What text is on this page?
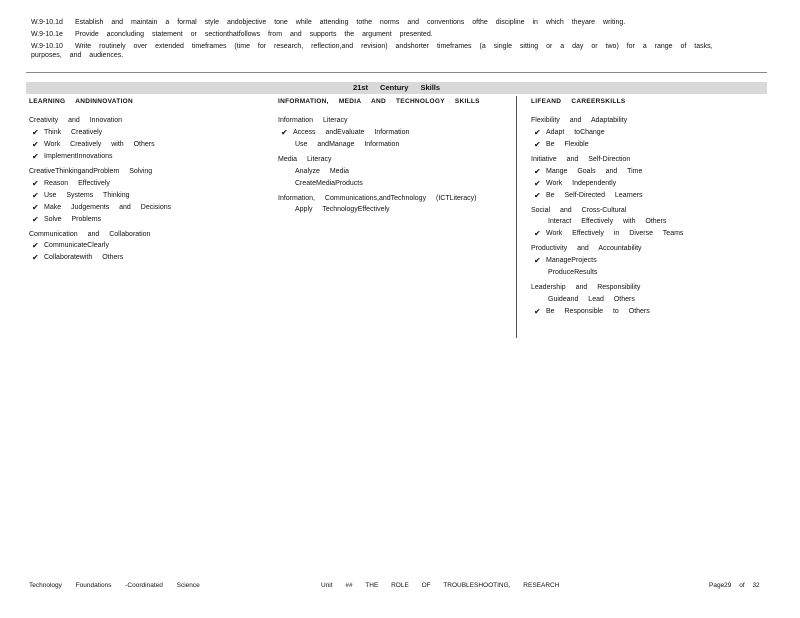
W.9-10.1d	Establish and maintain a formal style andobjective tone while attending tothe norms and conventions ofthe discipline in which theyare writing.
W.9-10.1e	Provide aconcluding statement or sectionthatfollows from and supports the argument presented.
W.9-10.10	Write routinely over extended timeframes (time for research, reflection,and revision) andshorter timeframes (a single sitting or a day or two) for a range of tasks,
purposes, and audiences.
21st Century Skills
LEARNING ANDINNOVATION
Creativity and Innovation
✔ Think Creatively
✔ Work Creatively with Others
✔ ImplementInnovations
CreativeThinkingandProblem Solving
✔ Reason Effectively
✔ Use Systems Thinking
✔ Make Judgements and Decisions
✔ Solve Problems
Communication and Collaboration
✔ CommunicateClearly
✔ Collaboratewith Others
INFORMATION, MEDIA AND TECHNOLOGY SKILLS
Information Literacy
✔ Access andEvaluate Information
Use andManage Information
Media Literacy
Analyze Media
CreateMediaProducts
Information, Communications,andTechnology (ICTLiteracy)
Apply TechnologyEffectively
LIFEAND CAREERSKILLS
Flexibility and Adaptability
✔ Adapt toChange
✔ Be Flexible
Initiative and Self-Direction
✔ Mange Goals and Time
✔ Work Independently
✔ Be Self-Directed Learners
Social and Cross-Cultural
Interact Effectively with Others
✔ Work Effectively in Diverse Teams
Productivity and Accountability
✔ ManageProjects
ProduceResults
Leadership and Responsibility
Guideand Lead Others
✔ Be Responsible to Others
Technology Foundations -Coordinated Science	Unit ## THE ROLE OF TROUBLESHOOTING, RESEARCH	Page29 of 32
